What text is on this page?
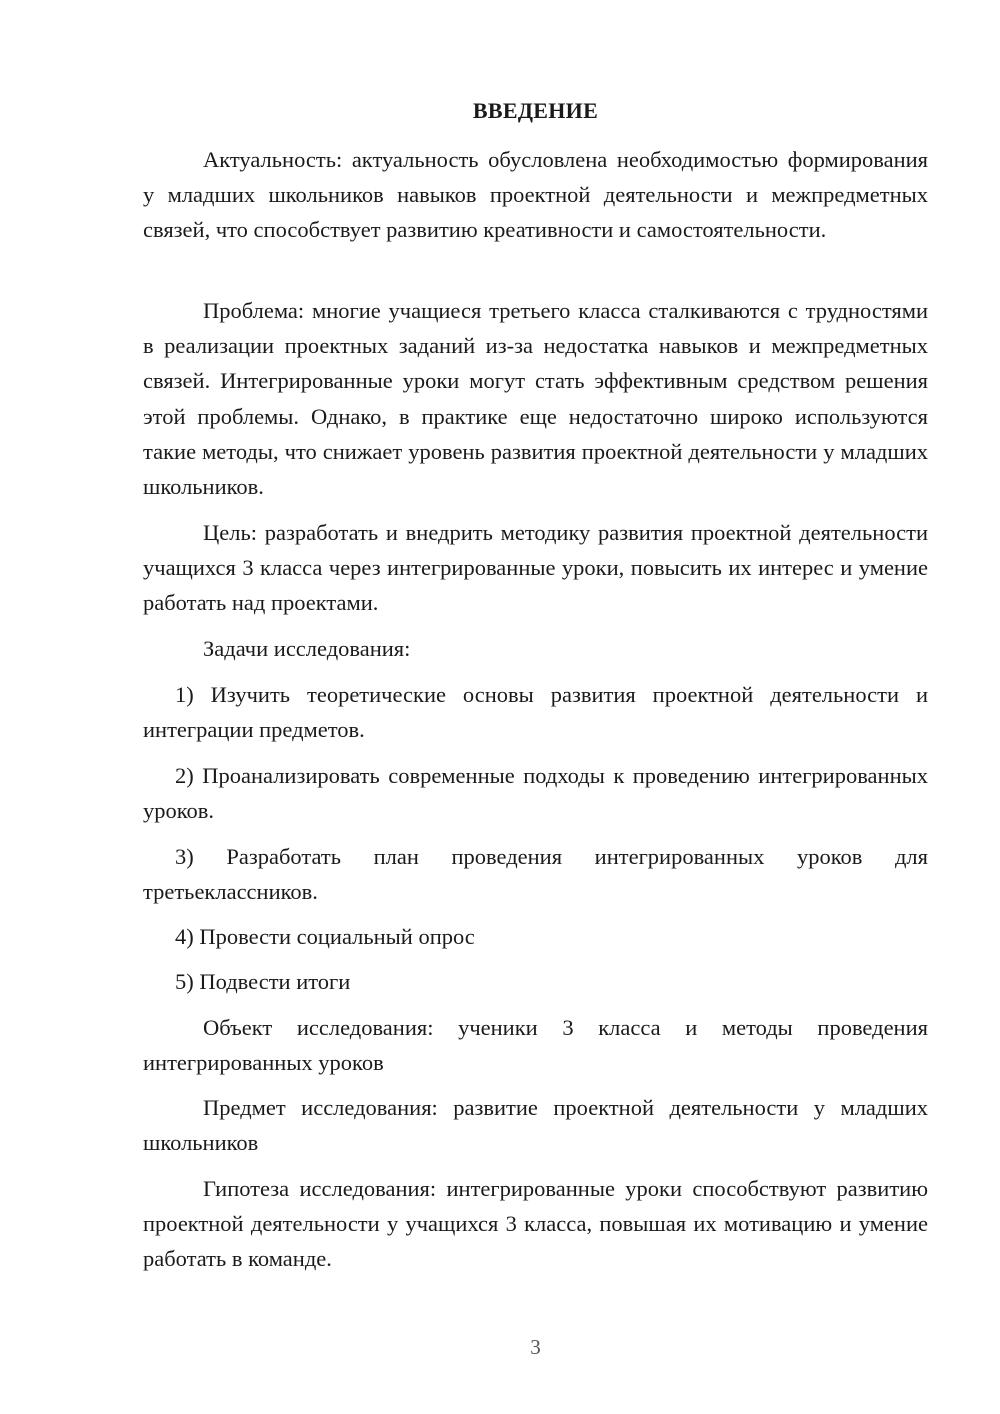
ВВЕДЕНИЕ

Актуальность: актуальность обусловлена необходимостью формирования у младших школьников навыков проектной деятельности и межпредметных связей, что способствует развитию креативности и самостоятельности.

Проблема: многие учащиеся третьего класса сталкиваются с трудностями в реализации проектных заданий из-за недостатка навыков и межпредметных связей. Интегрированные уроки могут стать эффективным средством решения этой проблемы. Однако, в практике еще недостаточно широко используются такие методы, что снижает уровень развития проектной деятельности у младших школьников.

Цель: разработать и внедрить методику развития проектной деятельности учащихся 3 класса через интегрированные уроки, повысить их интерес и умение работать над проектами.

Задачи исследования:

1) Изучить теоретические основы развития проектной деятельности и интеграции предметов.

2) Проанализировать современные подходы к проведению интегрированных уроков.

3) Разработать план проведения интегрированных уроков для третьеклассников.

4) Провести социальный опрос

5) Подвести итоги

Объект исследования: ученики 3 класса и методы проведения интегрированных уроков

Предмет исследования: развитие проектной деятельности у младших школьников

Гипотеза исследования: интегрированные уроки способствуют развитию проектной деятельности у учащихся 3 класса, повышая их мотивацию и умение работать в команде.

3
